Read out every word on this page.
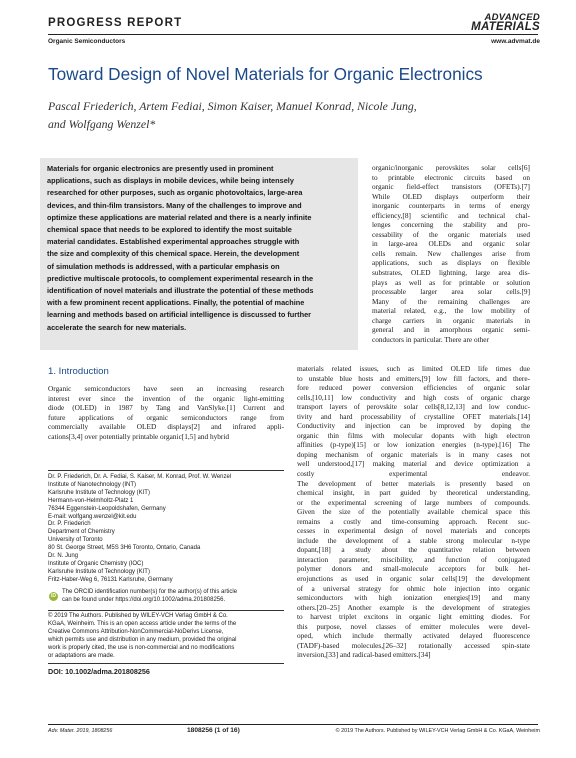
PROGRESS REPORT
Organic Semiconductors
ADVANCED
MATERIALS
www.advmat.de
Toward Design of Novel Materials for Organic Electronics
Pascal Friederich, Artem Fediai, Simon Kaiser, Manuel Konrad, Nicole Jung,
and Wolfgang Wenzel*
Materials for organic electronics are presently used in prominent
applications, such as displays in mobile devices, while being intensely
researched for other purposes, such as organic photovoltaics, large-area
devices, and thin-film transistors. Many of the challenges to improve and
optimize these applications are material related and there is a nearly infinite
chemical space that needs to be explored to identify the most suitable
material candidates. Established experimental approaches struggle with
the size and complexity of this chemical space. Herein, the development
of simulation methods is addressed, with a particular emphasis on
predictive multiscale protocols, to complement experimental research in the
identification of novel materials and illustrate the potential of these methods
with a few prominent recent applications. Finally, the potential of machine
learning and methods based on artificial intelligence is discussed to further
accelerate the search for new materials.
1. Introduction
Organic semiconductors have seen an increasing research
interest ever since the invention of the organic light-emitting
diode (OLED) in 1987 by Tang and VanSlyke.[1] Current and
future applications of organic semiconductors range from
commercially available OLED displays[2] and infrared appli-
cations[3,4] over potentially printable organic[1,5] and hybrid
Dr. P. Friederich, Dr. A. Fediai, S. Kaiser, M. Konrad, Prof. W. Wenzel
Institute of Nanotechnology (INT)
Karlsruhe Institute of Technology (KIT)
Hermann-von-Helmholtz-Platz 1
76344 Eggenstein-Leopoldshafen, Germany
E-mail: wolfgang.wenzel@kit.edu
Dr. P. Friederich
Department of Chemistry
University of Toronto
80 St. George Street, M5S 3H6 Toronto, Ontario, Canada
Dr. N. Jung
Institute of Organic Chemistry (IOC)
Karlsruhe Institute of Technology (KIT)
Fritz-Haber-Weg 6, 76131 Karlsruhe, Germany
iD
The ORCID identification number(s) for the author(s) of this article
can be found under https://doi.org/10.1002/adma.201808256.
© 2019 The Authors. Published by WILEY-VCH Verlag GmbH & Co.
KGaA, Weinheim. This is an open access article under the terms of the
Creative Commons Attribution-NonCommercial-NoDerivs License,
which permits use and distribution in any medium, provided the original
work is properly cited, the use is non-commercial and no modifications
or adaptations are made.
DOI: 10.1002/adma.201808256
organic/inorganic perovskites solar cells[6]
to printable electronic circuits based on
organic field-effect transistors (OFETs).[7]
While OLED displays outperform their
inorganic counterparts in terms of energy
efficiency,[8] scientific and technical chal-
lenges concerning the stability and pro-
cessability of the organic materials used
in large-area OLEDs and organic solar
cells remain. New challenges arise from
applications, such as displays on flexible
substrates, OLED lightning, large area dis-
plays as well as for printable or solution
processable larger area solar cells.[9]
Many of the remaining challenges are
material related, e.g., the low mobility of
charge carriers in organic materials in
general and in amorphous organic semi-
conductors in particular. There are other
materials related issues, such as limited OLED life times due
to unstable blue hosts and emitters,[9] low fill factors, and there-
fore reduced power conversion efficiencies of organic solar
cells,[10,11] low conductivity and high costs of organic charge
transport layers of perovskite solar cells[8,12,13] and low conduc-
tivity and hard processability of crystalline OFET materials.[14]
Conductivity and injection can be improved by doping the
organic thin films with molecular dopants with high electron
affinities (p-type)[15] or low ionization energies (n-type).[16] The
doping mechanism of organic materials is in many cases not
well understood,[17] making material and device optimization a
costly experimental endeavor.
The development of better materials is presently based on
chemical insight, in part guided by theoretical understanding,
or the experimental screening of large numbers of compounds.
Given the size of the potentially available chemical space this
remains a costly and time-consuming approach. Recent suc-
cesses in experimental design of novel materials and concepts
include the development of a stable strong molecular n-type
dopant,[18] a study about the quantitative relation between
interaction parameter, miscibility, and function of conjugated
polymer donors and small-molecule acceptors for bulk het-
erojunctions as used in organic solar cells[19] the development
of a universal strategy for ohmic hole injection into organic
semiconductors with high ionization energies[19] and many
others.[20–25] Another example is the development of strategies
to harvest triplet excitons in organic light emitting diodes. For
this purpose, novel classes of emitter molecules were devel-
oped, which include thermally activated delayed fluorescence
(TADF)-based molecules,[26–32] rotationally accessed spin-state
inversion,[33] and radical-based emitters.[34]
Adv. Mater. 2019, 1808256	1808256 (1 of 16)	© 2019 The Authors. Published by WILEY-VCH Verlag GmbH & Co. KGaA, Weinheim
